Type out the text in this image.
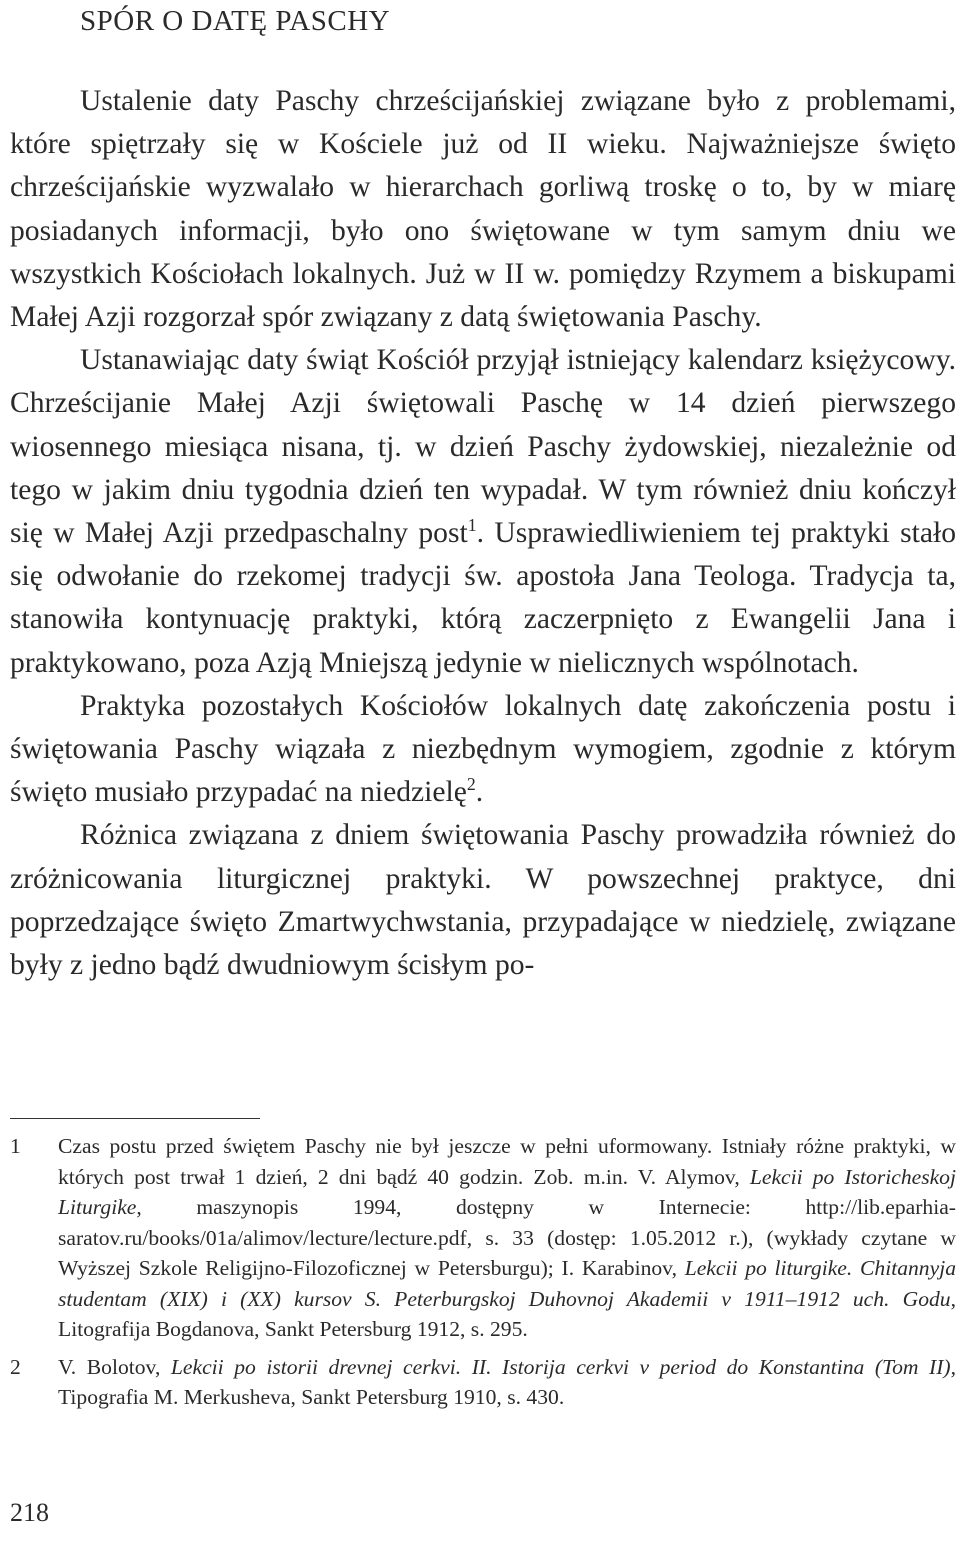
SPÓR O DATĘ PASCHY

Ustalenie daty Paschy chrześcijańskiej związane było z problemami, które spiętrzały się w Kościele już od II wieku. Najważniejsze święto chrześcijańskie wyzwalało w hierarchach gorliwą troskę o to, by w miarę posiadanych informacji, było ono świętowane w tym samym dniu we wszystkich Kościołach lokalnych. Już w II w. pomiędzy Rzymem a biskupami Małej Azji rozgorzał spór związany z datą świętowania Paschy.

Ustanawiając daty świąt Kościół przyjął istniejący kalendarz księżycowy. Chrześcijanie Małej Azji świętowali Paschę w 14 dzień pierwszego wiosennego miesiąca nisana, tj. w dzień Paschy żydowskiej, niezależnie od tego w jakim dniu tygodnia dzień ten wypadał. W tym również dniu kończył się w Małej Azji przedpaschalny post$^1$. Usprawiedliwieniem tej praktyki stało się odwołanie do rzekomej tradycji św. apostoła Jana Teologa. Tradycja ta, stanowiła kontynuację praktyki, którą zaczerpnięto z Ewangelii Jana i praktykowano, poza Azją Mniejszą jedynie w nielicznych wspólnotach.

Praktyka pozostałych Kościołów lokalnych datę zakończenia postu i świętowania Paschy wiązała z niezbędnym wymogiem, zgodnie z którym święto musiało przypadać na niedzielę$^2$.

Różnica związana z dniem świętowania Paschy prowadziła również do zróżnicowania liturgicznej praktyki. W powszechnej praktyce, dni poprzedzające święto Zmartwychwstania, przypadające w niedzielę, związane były z jedno bądź dwudniowym ścisłym po-

1 Czas postu przed świętem Paschy nie był jeszcze w pełni uformowany. Istniały różne praktyki, w których post trwał 1 dzień, 2 dni bądź 40 godzin. Zob. m.in. V. Alymov, Lekcii po Istoricheskoj Liturgike, maszynopis 1994, dostępny w Internecie: http://lib.eparhia-saratov.ru/books/01a/alimov/lecture/lecture.pdf, s. 33 (dostęp: 1.05.2012 r.), (wykłady czytane w Wyższej Szkole Religijno-Filozoficznej w Petersburgu); I. Karabinov, Lekcii po liturgike. Chitannyja studentam (XIX) i (XX) kursov S. Peterburgskoj Duhovnoj Akademii v 1911–1912 uch. Godu, Litografija Bogdanova, Sankt Petersburg 1912, s. 295.
2 V. Bolotov, Lekcii po istorii drevnej cerkvi. II. Istorija cerkvi v period do Konstantina (Tom II), Tipografia M. Merkusheva, Sankt Petersburg 1910, s. 430.
218
